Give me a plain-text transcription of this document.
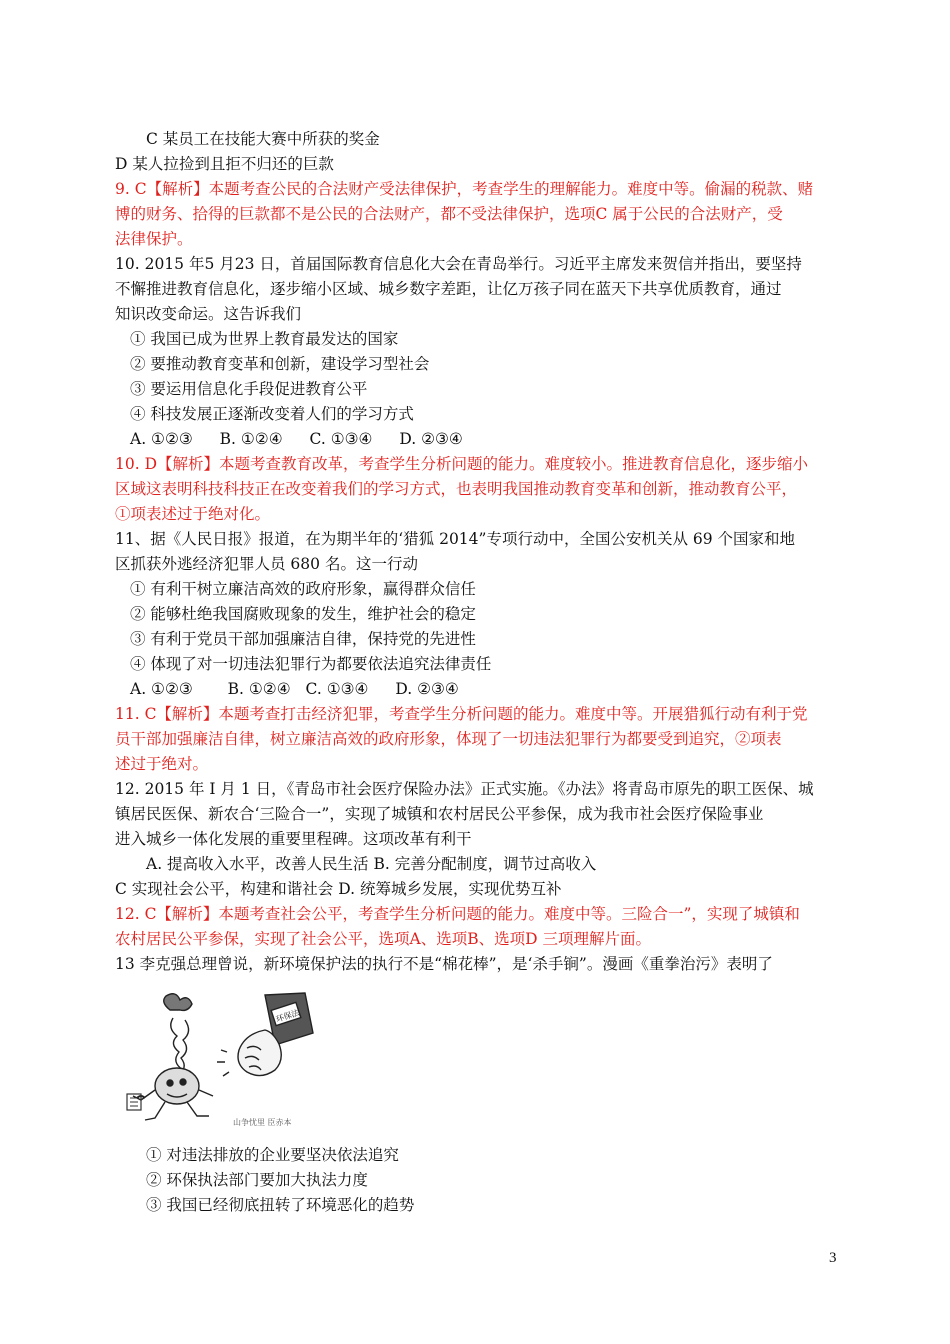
C 某员工在技能大赛中所获的奖金
D 某人拉捡到且拒不归还的巨款
9. C【解析】本题考查公民的合法财产受法律保护，考查学生的理解能力。难度中等。偷漏的税款、赌
博的财务、拾得的巨款都不是公民的合法财产，都不受法律保护，选项C 属于公民的合法财产，受
法律保护。
10. 2015 年5 月23 日，首届国际教育信息化大会在青岛举行。习近平主席发来贺信并指出，要坚持
不懈推进教育信息化，逐步缩小区域、城乡数字差距，让亿万孩子同在蓝天下共享优质教育，通过
知识改变命运。这告诉我们
① 我国已成为世界上教育最发达的国家
② 要推动教育变革和创新，建设学习型社会
③ 要运用信息化手段促进教育公平
④ 科技发展正逐渐改变着人们的学习方式
A. ①②③ B. ①②④ C. ①③④ D. ②③④
10. D【解析】本题考查教育改革，考查学生分析问题的能力。难度较小。推进教育信息化，逐步缩小
区域这表明科技科技正在改变着我们的学习方式，也表明我国推动教育变革和创新，推动教育公平，
①项表述过于绝对化。
11、据《人民日报》报道，在为期半年的‘猎狐 2014”专项行动中，全国公安机关从 69 个国家和地
区抓获外逃经济犯罪人员 680 名。这一行动
① 有利干树立廉洁高效的政府形象，赢得群众信任
② 能够杜绝我国腐败现象的发生，维护社会的稳定
③ 有利于党员干部加强廉洁自律，保持党的先进性
④ 体现了对一切违法犯罪行为都要依法追究法律责任
A. ①②③ B. ①②④ C. ①③④ D. ②③④
11. C【解析】本题考查打击经济犯罪，考查学生分析问题的能力。难度中等。开展猎狐行动有利于党
员干部加强廉洁自律，树立廉洁高效的政府形象，体现了一切违法犯罪行为都要受到追究，②项表
述过于绝对。
12. 2015 年 I 月 1 日，《青岛市社会医疗保险办法》正式实施。《办法》将青岛市原先的职工医保、城
镇居民医保、新农合‘三险合一”，实现了城镇和农村居民公平参保，成为我市社会医疗保险事业
进入城乡一体化发展的重要里程碑。这项改革有利干
A. 提高收入水平，改善人民生活 B. 完善分配制度，调节过高收入
C 实现社会公平，构建和谐社会 D. 统筹城乡发展，实现优势互补
12. C【解析】本题考查社会公平，考查学生分析问题的能力。难度中等。三险合一”，实现了城镇和
农村居民公平参保，实现了社会公平，选项A、选项B、选项D 三项理解片面。
13 李克强总理曾说，新环境保护法的执行不是“棉花棒”，是‘杀手锏”。漫画《重拳治污》表明了
环保法
山争忧里 臣赤本
① 对违法排放的企业要坚决依法追究
② 环保执法部门要加大执法力度
③ 我国已经彻底扭转了环境恶化的趋势
3
